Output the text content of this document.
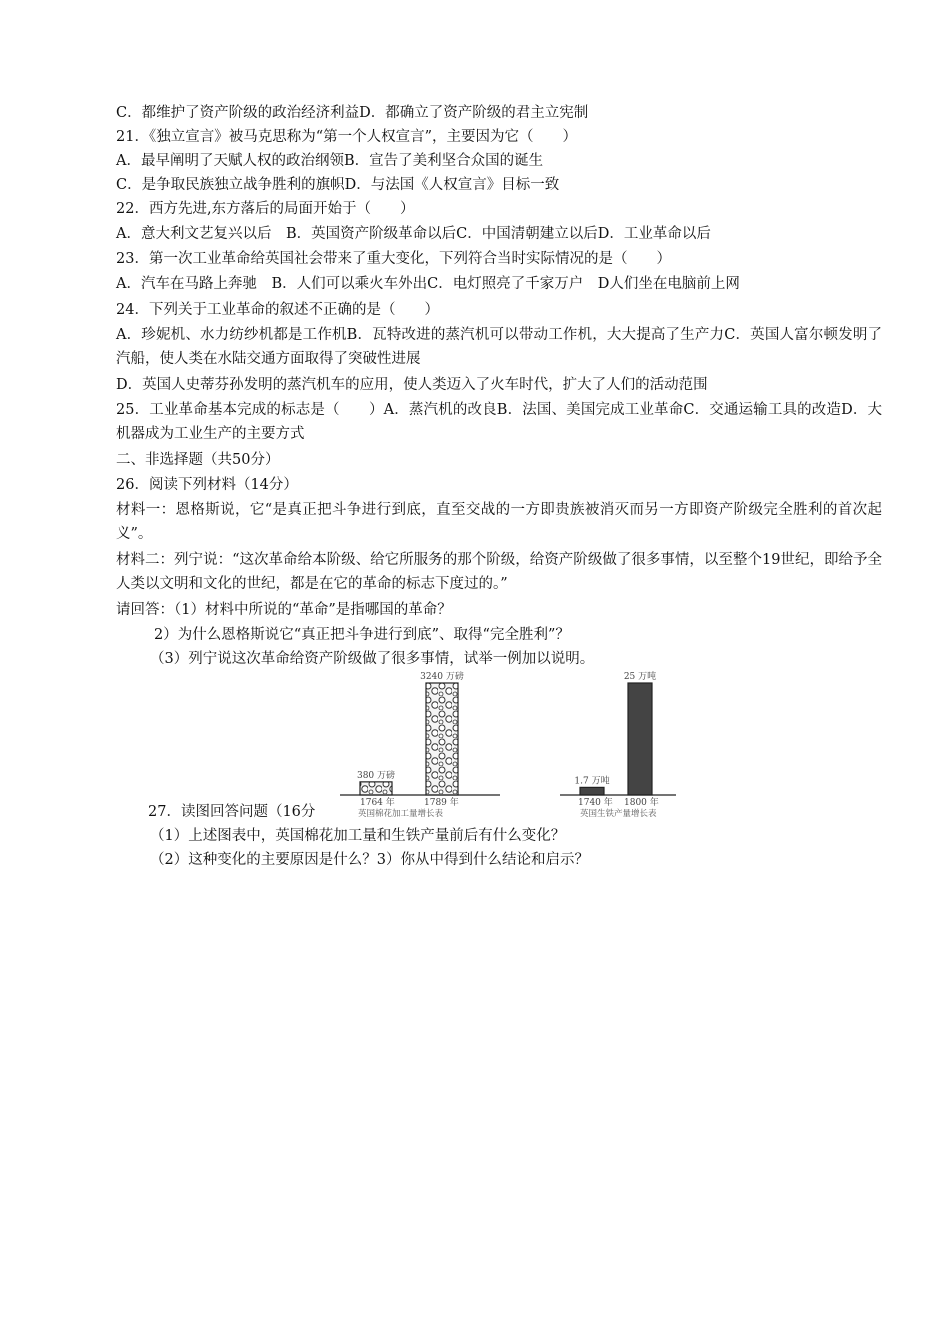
C．都维护了资产阶级的政治经济利益D．都确立了资产阶级的君主立宪制
21．《独立宣言》被马克思称为“第一个人权宣言”，主要因为它（　　）
A．最早阐明了天赋人权的政治纲领B．宣告了美利坚合众国的诞生
C．是争取民族独立战争胜利的旗帜D．与法国《人权宣言》目标一致
22．西方先进,东方落后的局面开始于（　　）
A．意大利文艺复兴以后　B．英国资产阶级革命以后C．中国清朝建立以后D．工业革命以后
23．第一次工业革命给英国社会带来了重大变化，下列符合当时实际情况的是（　　）
A．汽车在马路上奔驰　B．人们可以乘火车外出C．电灯照亮了千家万户　D人们坐在电脑前上网
24．下列关于工业革命的叙述不正确的是（　　）
A．珍妮机、水力纺纱机都是工作机B．瓦特改进的蒸汽机可以带动工作机，大大提高了生产力C．英国人富尔顿发明了汽船，使人类在水陆交通方面取得了突破性进展
D．英国人史蒂芬孙发明的蒸汽机车的应用，使人类迈入了火车时代，扩大了人们的活动范围
25．工业革命基本完成的标志是（　　）A．蒸汽机的改良B．法国、美国完成工业革命C．交通运输工具的改造D．大机器成为工业生产的主要方式
二、非选择题（共50分）
26．阅读下列材料（14分）
材料一：恩格斯说，它“是真正把斗争进行到底，直至交战的一方即贵族被消灭而另一方即资产阶级完全胜利的首次起义”。
材料二：列宁说：“这次革命给本阶级、给它所服务的那个阶级，给资产阶级做了很多事情，以至整个19世纪，即给予全人类以文明和文化的世纪，都是在它的革命的标志下度过的。”
请回答：（1）材料中所说的“革命”是指哪国的革命？
2）为什么恩格斯说它“真正把斗争进行到底”、取得“完全胜利”？
（3）列宁说这次革命给资产阶级做了很多事情，试举一例加以说明。
380 万磅
3240 万磅
1764 年	1789 年
英国棉花加工量增长表
1.7 万吨
25 万吨
1740 年 1800 年
英国生铁产量增长表
27．读图回答问题（16分
（1）上述图表中，英国棉花加工量和生铁产量前后有什么变化？
（2）这种变化的主要原因是什么？3）你从中得到什么结论和启示？
